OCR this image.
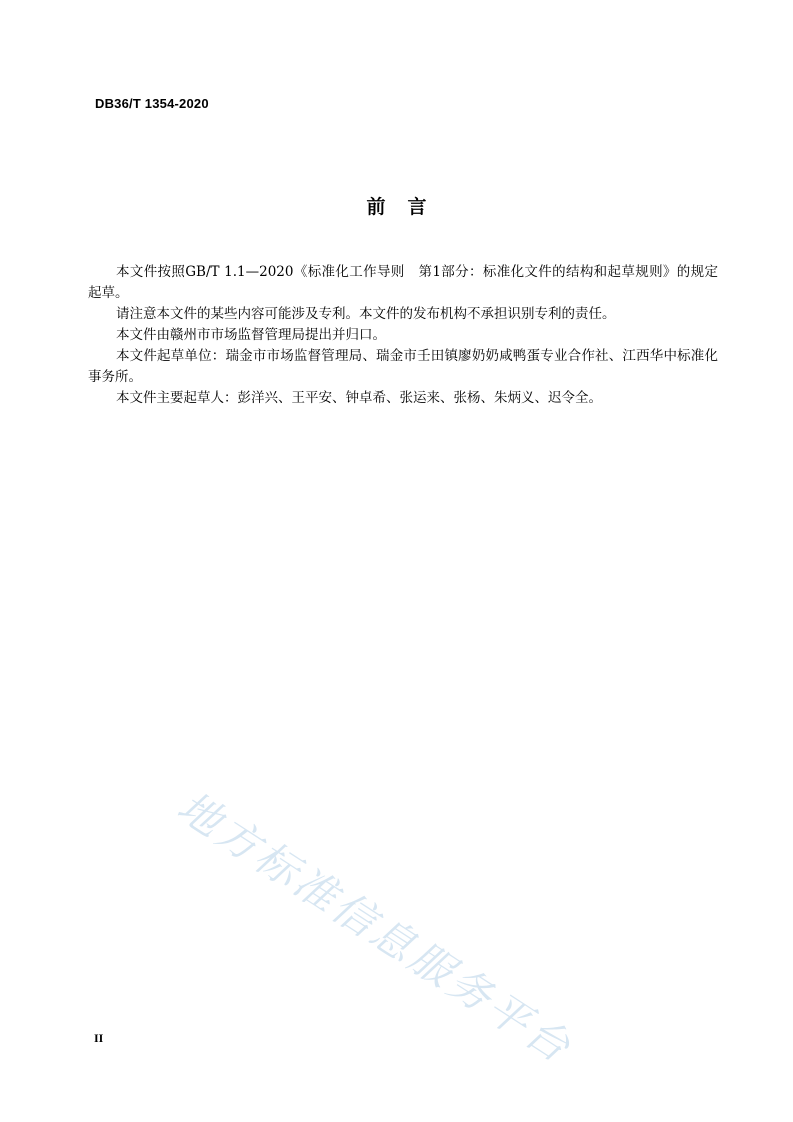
DB36/T 1354-2020
前言

本文件按照GB/T 1.1—2020《标准化工作导则　第1部分：标准化文件的结构和起草规则》的规定起草。

请注意本文件的某些内容可能涉及专利。本文件的发布机构不承担识别专利的责任。

本文件由赣州市市场监督管理局提出并归口。

本文件起草单位：瑞金市市场监督管理局、瑞金市壬田镇廖奶奶咸鸭蛋专业合作社、江西华中标准化事务所。

本文件主要起草人：彭洋兴、王平安、钟卓希、张运来、张杨、朱炳义、迟令全。

地方标准信息服务平台
II
